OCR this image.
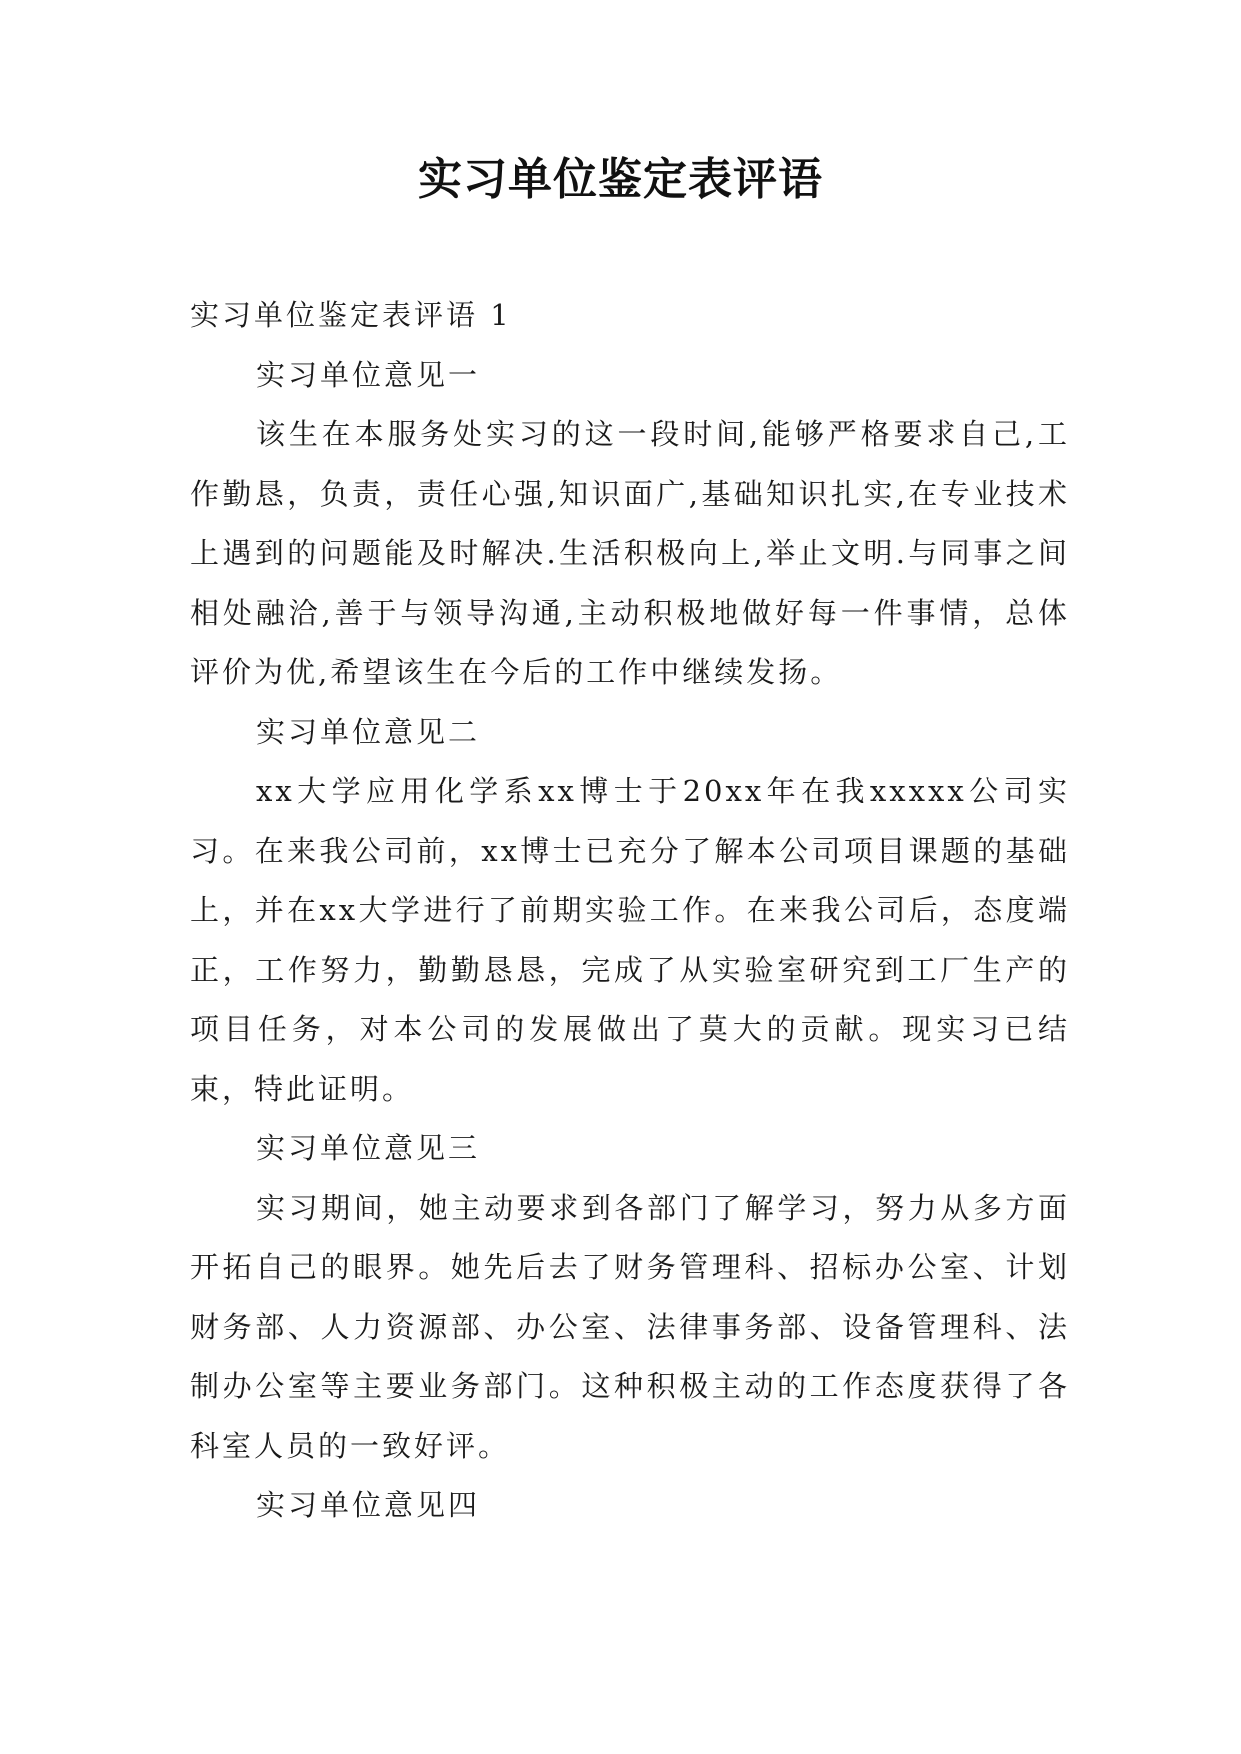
实习单位鉴定表评语

实习单位鉴定表评语 1

实习单位意见一

该生在本服务处实习的这一段时间,能够严格要求自己,工作勤恳，负责，责任心强,知识面广,基础知识扎实,在专业技术上遇到的问题能及时解决.生活积极向上,举止文明.与同事之间相处融洽,善于与领导沟通,主动积极地做好每一件事情，总体评价为优,希望该生在今后的工作中继续发扬。

实习单位意见二

xx大学应用化学系xx博士于20xx年在我xxxxx公司实习。在来我公司前，xx博士已充分了解本公司项目课题的基础上，并在xx大学进行了前期实验工作。在来我公司后，态度端正，工作努力，勤勤恳恳，完成了从实验室研究到工厂生产的项目任务，对本公司的发展做出了莫大的贡献。现实习已结束，特此证明。

实习单位意见三

实习期间，她主动要求到各部门了解学习，努力从多方面开拓自己的眼界。她先后去了财务管理科、招标办公室、计划财务部、人力资源部、办公室、法律事务部、设备管理科、法制办公室等主要业务部门。这种积极主动的工作态度获得了各科室人员的一致好评。

实习单位意见四
